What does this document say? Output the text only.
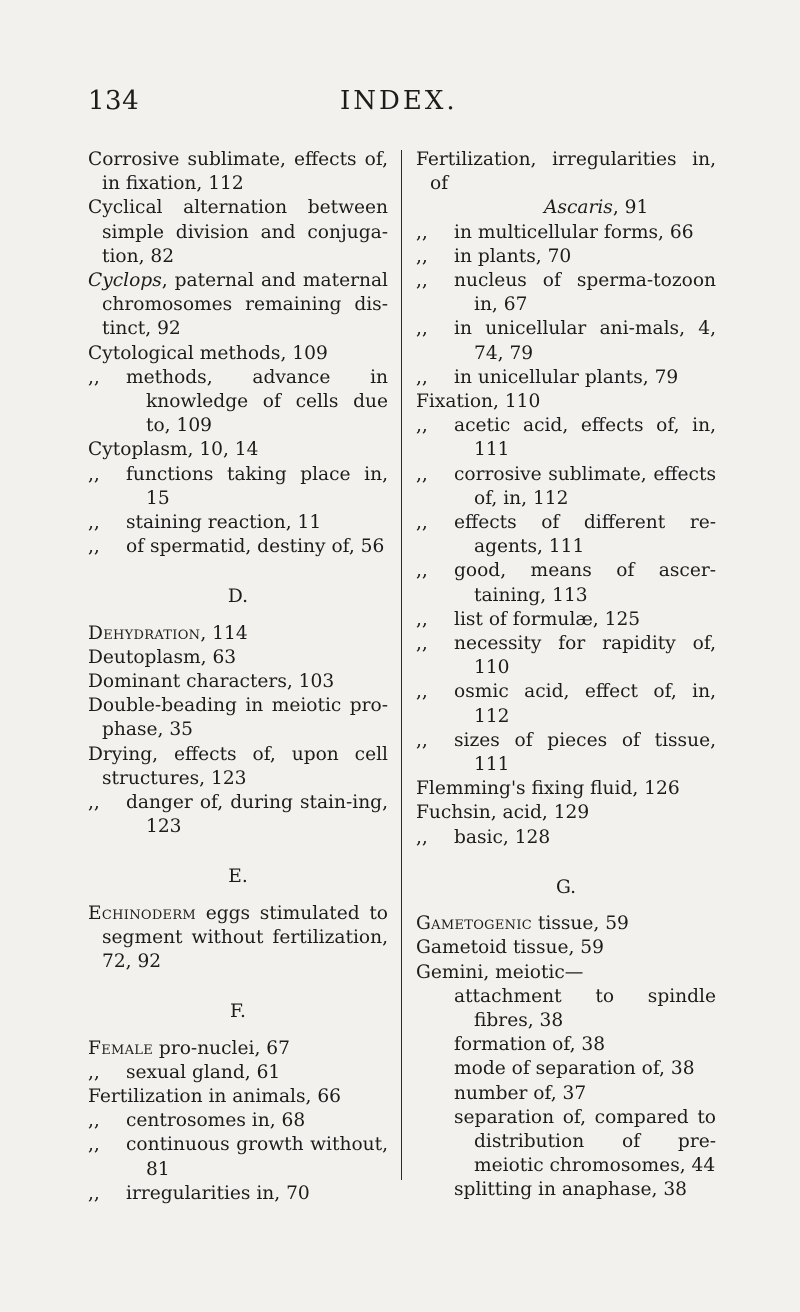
134	INDEX.
Corrosive sublimate, effects of, in fixation, 112
Cyclical alternation between simple division and conjuga-tion, 82
Cyclops, paternal and maternal chromosomes remaining dis-tinct, 92
Cytological methods, 109
,, methods, advance in knowledge of cells due to, 109
Cytoplasm, 10, 14
,, functions taking place in, 15
,, staining reaction, 11
,, of spermatid, destiny of, 56
D.
Dehydration, 114
Deutoplasm, 63
Dominant characters, 103
Double-beading in meiotic pro-phase, 35
Drying, effects of, upon cell structures, 123
,, danger of, during stain-ing, 123
E.
Echinoderm eggs stimulated to segment without fertilization, 72, 92
F.
Female pro-nuclei, 67
,, sexual gland, 61
Fertilization in animals, 66
,, centrosomes in, 68
,, continuous growth without, 81
,, irregularities in, 70
Fertilization, irregularities in, of
Ascaris, 91
,, in multicellular forms, 66
,, in plants, 70
,, nucleus of sperma-tozoon in, 67
,, in unicellular ani-mals, 4, 74, 79
,, in unicellular plants, 79
Fixation, 110
,, acetic acid, effects of, in, 111
,, corrosive sublimate, effects of, in, 112
,, effects of different re-agents, 111
,, good, means of ascer-taining, 113
,, list of formulæ, 125
,, necessity for rapidity of, 110
,, osmic acid, effect of, in, 112
,, sizes of pieces of tissue, 111
Flemming's fixing fluid, 126
Fuchsin, acid, 129
,, basic, 128
G.
Gametogenic tissue, 59
Gametoid tissue, 59
Gemini, meiotic—
attachment to spindle fibres, 38
formation of, 38
mode of separation of, 38
number of, 37
separation of, compared to distribution of pre-meiotic chromosomes, 44
splitting in anaphase, 38
